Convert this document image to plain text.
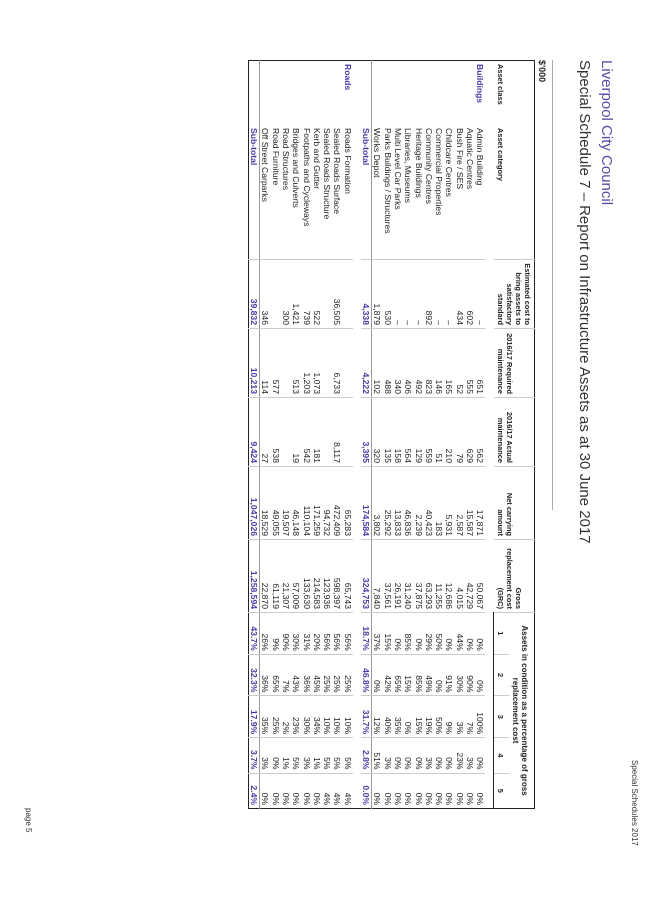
Liverpool City Council
Special Schedule 7 – Report on Infrastructure Assets as at 30 June 2017
Special Schedules 2017
$'000
Asset class	Asset category	Estimated cost to bring assets to satisfactory standard	2016/17 Required maintenance	2016/17 Actual maintenance	Net carrying amount	Gross replacement cost (GRC)	Assets in condition as a percentage of gross replacement cost				
							1	2	3	4	5

Buildings	Admin Building	–	651	562	17,871	50,067	0%	0%	100%	0%	0%
	Aquatic Centres	602	555	629	15,587	42,729	0%	90%	7%	3%	0%
	Bush Fire / SES	434	52	79	2,587	4,015	44%	30%	3%	23%	0%
	Childcare Centres	–	165	210	5,931	12,686	0%	91%	9%	0%	0%
	Commercial Properties	–	146	51	183	11,255	50%	0%	50%	0%	0%
	Community Centres	892	823	559	40,423	63,293	29%	49%	19%	3%	0%
	Heritage Buildings	–	492	129	2,239	37,875	0%	85%	15%	0%	0%
	Libraries, Museums	–	406	564	46,836	31,240	85%	15%	0%	0%	0%
	Multi Level Car Parks	–	340	158	13,833	26,191	0%	65%	35%	0%	0%
	Parks Buildings / Structures	530	488	135	25,292	37,561	15%	42%	40%	3%	0%
	Works Depot	1,879	102	320	3,802	7,840	37%	0%	12%	51%	0%
	Sub-total	4,338	4,222	3,395	174,584	324,753	18.7%	46.8%	31.7%	2.8%	0.0%

Roads	Roads Formation				65,283	65,743	56%	25%	10%	5%	4%
	Sealed Roads Surface	36,505	6,733	8,117	472,409	598,397	56%	25%	10%	5%	4%
	Sealed Roads Structure				94,732	123,936	56%	25%	10%	5%	4%
	Kerb and Gutter	522	1,073	181	171,259	214,583	20%	45%	34%	1%	0%
	Footpaths and Cycleways	739	1,203	542	110,104	133,630	31%	36%	30%	3%	0%
	Bridges and Culverts	1,421	513	19	46,148	57,009	30%	43%	23%	5%	0%
	Road Structures	300			19,507	21,307	90%	7%	2%	1%	0%
	Road Furniture		577	538	49,055	61,119	9%	65%	25%	0%	0%
	Off Street Carparks	346	114	27	18,529	22,870	26%	36%	35%	3%	0%
	Sub-total	39,832	10,213	9,424	1,047,026	1,258,594	43.7%	32.3%	17.9%	3.7%	2.4%
page 5
